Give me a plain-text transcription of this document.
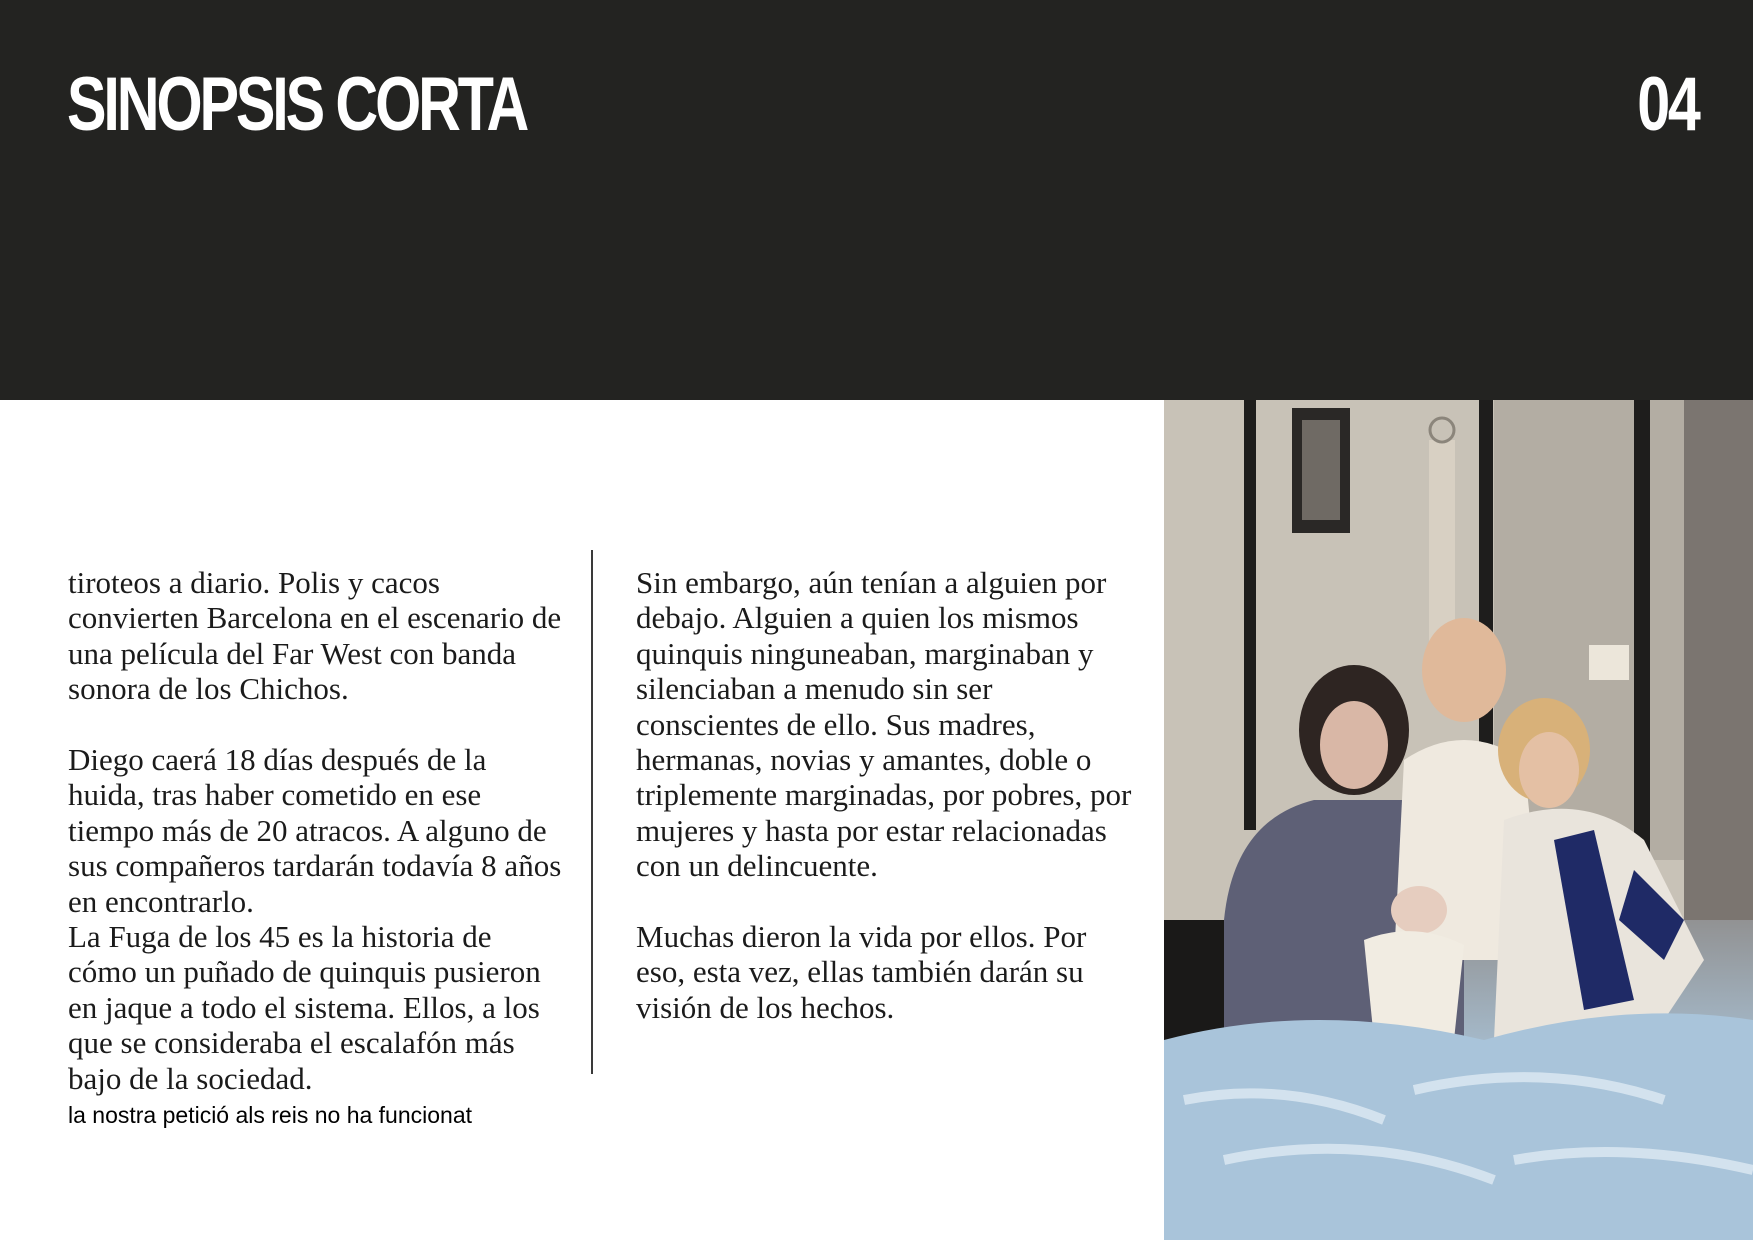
SINOPSIS CORTA	04

tiroteos a diario. Polis y cacos convierten Barcelona en el escenario de una película del Far West con banda sonora de los Chichos.

Diego caerá 18 días después de la huida, tras haber cometido en ese tiempo más de 20 atracos. A alguno de sus compañeros tardarán todavía 8 años en encontrarlo.

La Fuga de los 45 es la historia de cómo un puñado de quinquis pusieron en jaque a todo el sistema. Ellos, a los que se consideraba el escalafón más bajo de la sociedad.

Sin embargo, aún tenían a alguien por debajo. Alguien a quien los mismos quinquis ninguneaban, marginaban y silenciaban a menudo sin ser conscientes de ello. Sus madres, hermanas, novias y amantes, doble o triplemente marginadas, por pobres, por mujeres y hasta por estar relacionadas con un delincuente.

Muchas dieron la vida por ellos. Por eso, esta vez, ellas también darán su visión de los hechos.

la nostra petició als reis no ha funcionat
